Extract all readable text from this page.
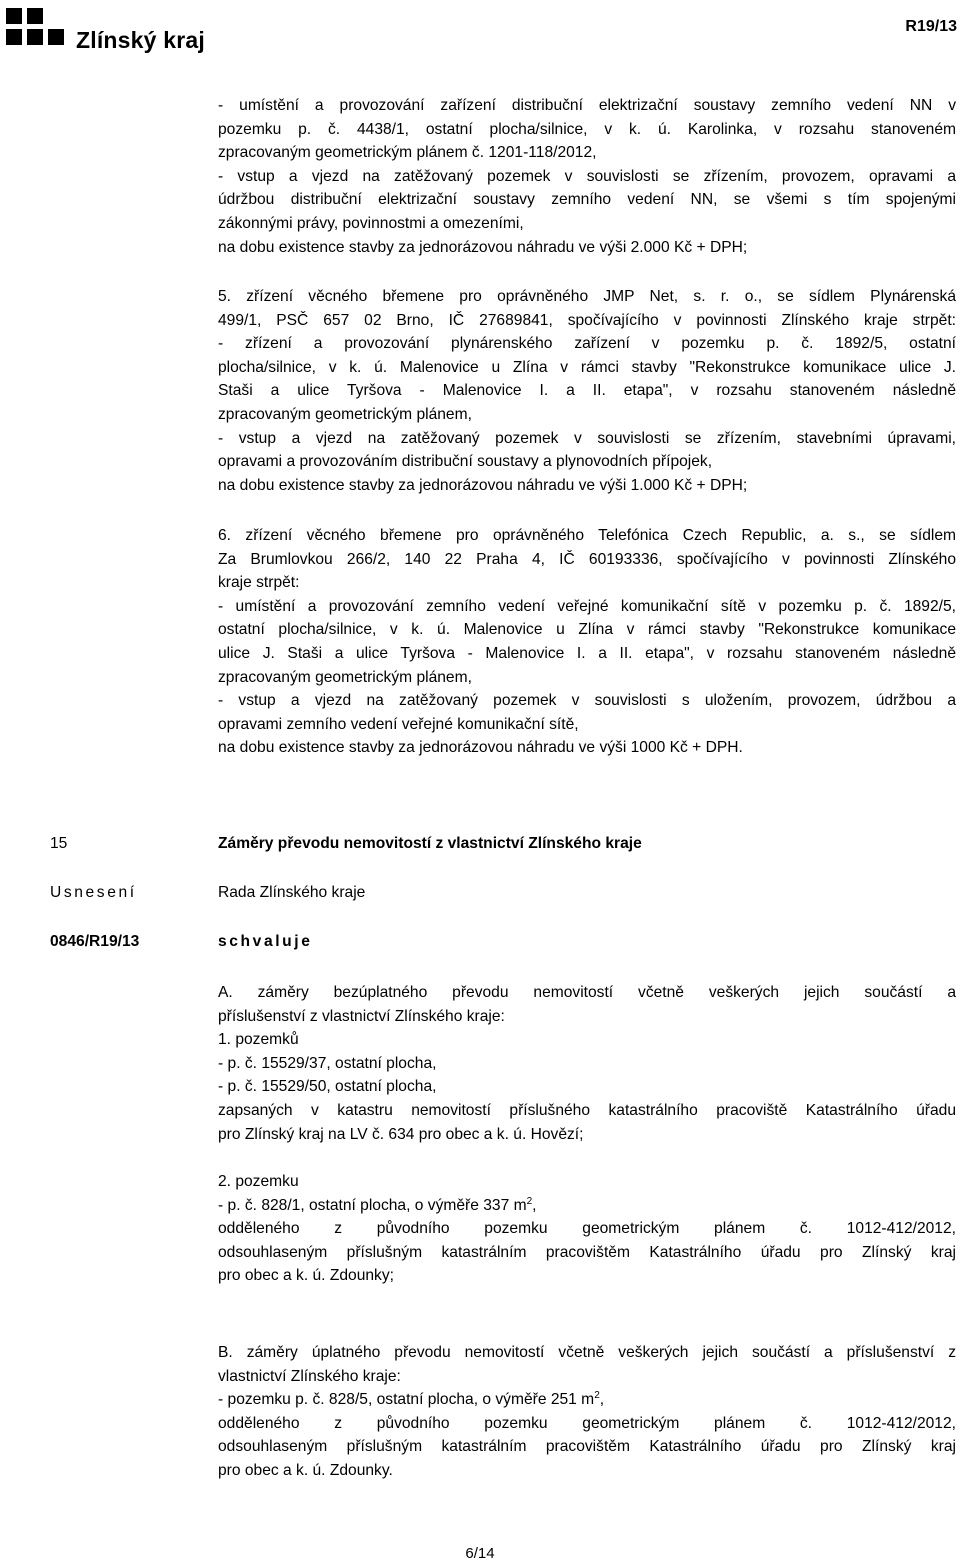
Zlínský kraj
R19/13

- umístění a provozování zařízení distribuční elektrizační soustavy zemního vedení NN v

pozemku p. č. 4438/1, ostatní plocha/silnice, v k. ú. Karolinka, v rozsahu stanoveném

zpracovaným geometrickým plánem č. 1201-118/2012,

- vstup a vjezd na zatěžovaný pozemek v souvislosti se zřízením, provozem, opravami a

údržbou distribuční elektrizační soustavy zemního vedení NN, se všemi s tím spojenými

zákonnými právy, povinnostmi a omezeními,

na dobu existence stavby za jednorázovou náhradu ve výši 2.000 Kč + DPH;

5. zřízení věcného břemene pro oprávněného JMP Net, s. r. o., se sídlem Plynárenská

499/1, PSČ 657 02 Brno, IČ 27689841, spočívajícího v povinnosti Zlínského kraje strpět:

- zřízení a provozování plynárenského zařízení v pozemku p. č. 1892/5, ostatní

plocha/silnice, v k. ú. Malenovice u Zlína v rámci stavby "Rekonstrukce komunikace ulice J.

Staši a ulice Tyršova - Malenovice I. a II. etapa", v rozsahu stanoveném následně

zpracovaným geometrickým plánem,

- vstup a vjezd na zatěžovaný pozemek v souvislosti se zřízením, stavebními úpravami,

opravami a provozováním distribuční soustavy a plynovodních přípojek,

na dobu existence stavby za jednorázovou náhradu ve výši 1.000 Kč + DPH;

6. zřízení věcného břemene pro oprávněného Telefónica Czech Republic, a. s., se sídlem

Za Brumlovkou 266/2, 140 22 Praha 4, IČ 60193336, spočívajícího v povinnosti Zlínského

kraje strpět:

- umístění a provozování zemního vedení veřejné komunikační sítě v pozemku p. č. 1892/5,

ostatní plocha/silnice, v k. ú. Malenovice u Zlína v rámci stavby "Rekonstrukce komunikace

ulice J. Staši a ulice Tyršova - Malenovice I. a II. etapa", v rozsahu stanoveném následně

zpracovaným geometrickým plánem,

- vstup a vjezd na zatěžovaný pozemek v souvislosti s uložením, provozem, údržbou a

opravami zemního vedení veřejné komunikační sítě,

na dobu existence stavby za jednorázovou náhradu ve výši 1000 Kč + DPH.

15	Záměry převodu nemovitostí z vlastnictví Zlínského kraje
Usnesení	Rada Zlínského kraje
0846/R19/13	schvaluje

A. záměry bezúplatného převodu nemovitostí včetně veškerých jejich součástí a

příslušenství z vlastnictví Zlínského kraje:

1. pozemků

- p. č. 15529/37, ostatní plocha,

- p. č. 15529/50, ostatní plocha,

zapsaných v katastru nemovitostí příslušného katastrálního pracoviště Katastrálního úřadu

pro Zlínský kraj na LV č. 634 pro obec a k. ú. Hovězí;

2. pozemku

- p. č. 828/1, ostatní plocha, o výměře 337 $m^2$,

odděleného z původního pozemku geometrickým plánem č. 1012-412/2012,

odsouhlaseným příslušným katastrálním pracovištěm Katastrálního úřadu pro Zlínský kraj

pro obec a k. ú. Zdounky;

B. záměry úplatného převodu nemovitostí včetně veškerých jejich součástí a příslušenství z

vlastnictví Zlínského kraje:

- pozemku p. č. 828/5, ostatní plocha, o výměře 251 $m^2$,

odděleného z původního pozemku geometrickým plánem č. 1012-412/2012,

odsouhlaseným příslušným katastrálním pracovištěm Katastrálního úřadu pro Zlínský kraj

pro obec a k. ú. Zdounky.

6/14
